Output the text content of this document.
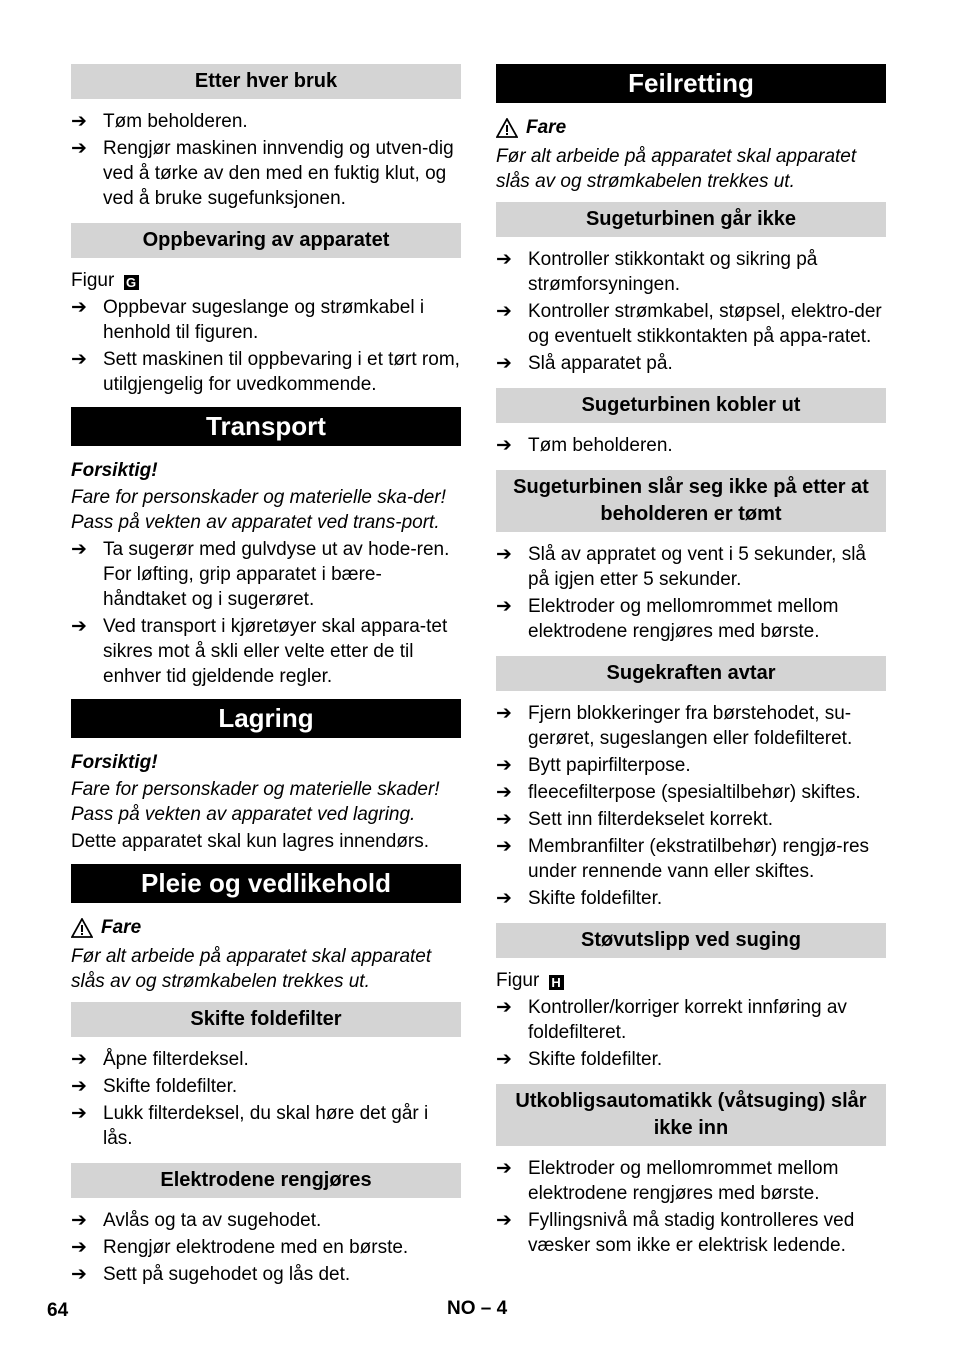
Etter hver bruk
➔ Tøm beholderen.
➔ Rengjør maskinen innvendig og utven-dig ved å tørke av den med en fuktig klut, og ved å bruke sugefunksjonen.
Oppbevaring av apparatet
Figur G
➔ Oppbevar sugeslange og strømkabel i henhold til figuren.
➔ Sett maskinen til oppbevaring i et tørt rom, utilgjengelig for uvedkommende.
Transport
Forsiktig!
Fare for personskader og materielle ska-der! Pass på vekten av apparatet ved trans-port.
➔ Ta sugerør med gulvdyse ut av hode-ren. For løfting, grip apparatet i bære-håndtaket og i sugerøret.
➔ Ved transport i kjøretøyer skal appara-tet sikres mot å skli eller velte etter de til enhver tid gjeldende regler.
Lagring
Forsiktig!
Fare for personskader og materielle skader! Pass på vekten av apparatet ved lagring.
Dette apparatet skal kun lagres innendørs.
Pleie og vedlikehold
Fare
Før alt arbeide på apparatet skal apparatet slås av og strømkabelen trekkes ut.
Skifte foldefilter
➔ Åpne filterdeksel.
➔ Skifte foldefilter.
➔ Lukk filterdeksel, du skal høre det går i lås.
Elektrodene rengjøres
➔ Avlås og ta av sugehodet.
➔ Rengjør elektrodene med en børste.
➔ Sett på sugehodet og lås det.
Feilretting
Fare
Før alt arbeide på apparatet skal apparatet slås av og strømkabelen trekkes ut.
Sugeturbinen går ikke
➔ Kontroller stikkontakt og sikring på strømforsyningen.
➔ Kontroller strømkabel, støpsel, elektro-der og eventuelt stikkontakten på appa-ratet.
➔ Slå apparatet på.
Sugeturbinen kobler ut
➔ Tøm beholderen.
Sugeturbinen slår seg ikke på etter at beholderen er tømt
➔ Slå av appratet og vent i 5 sekunder, slå på igjen etter 5 sekunder.
➔ Elektroder og mellomrommet mellom elektrodene rengjøres med børste.
Sugekraften avtar
➔ Fjern blokkeringer fra børstehodet, su-gerøret, sugeslangen eller foldefilteret.
➔ Bytt papirfilterpose.
➔ fleecefilterpose (spesialtilbehør) skiftes.
➔ Sett inn filterdekselet korrekt.
➔ Membranfilter (ekstratilbehør) rengjø-res under rennende vann eller skiftes.
➔ Skifte foldefilter.
Støvutslipp ved suging
Figur H
➔ Kontroller/korriger korrekt innføring av foldefilteret.
➔ Skifte foldefilter.
Utkobligsautomatikk (våtsuging) slår ikke inn
➔ Elektroder og mellomrommet mellom elektrodene rengjøres med børste.
➔ Fyllingsnivå må stadig kontrolleres ved væsker som ikke er elektrisk ledende.
64	NO – 4
